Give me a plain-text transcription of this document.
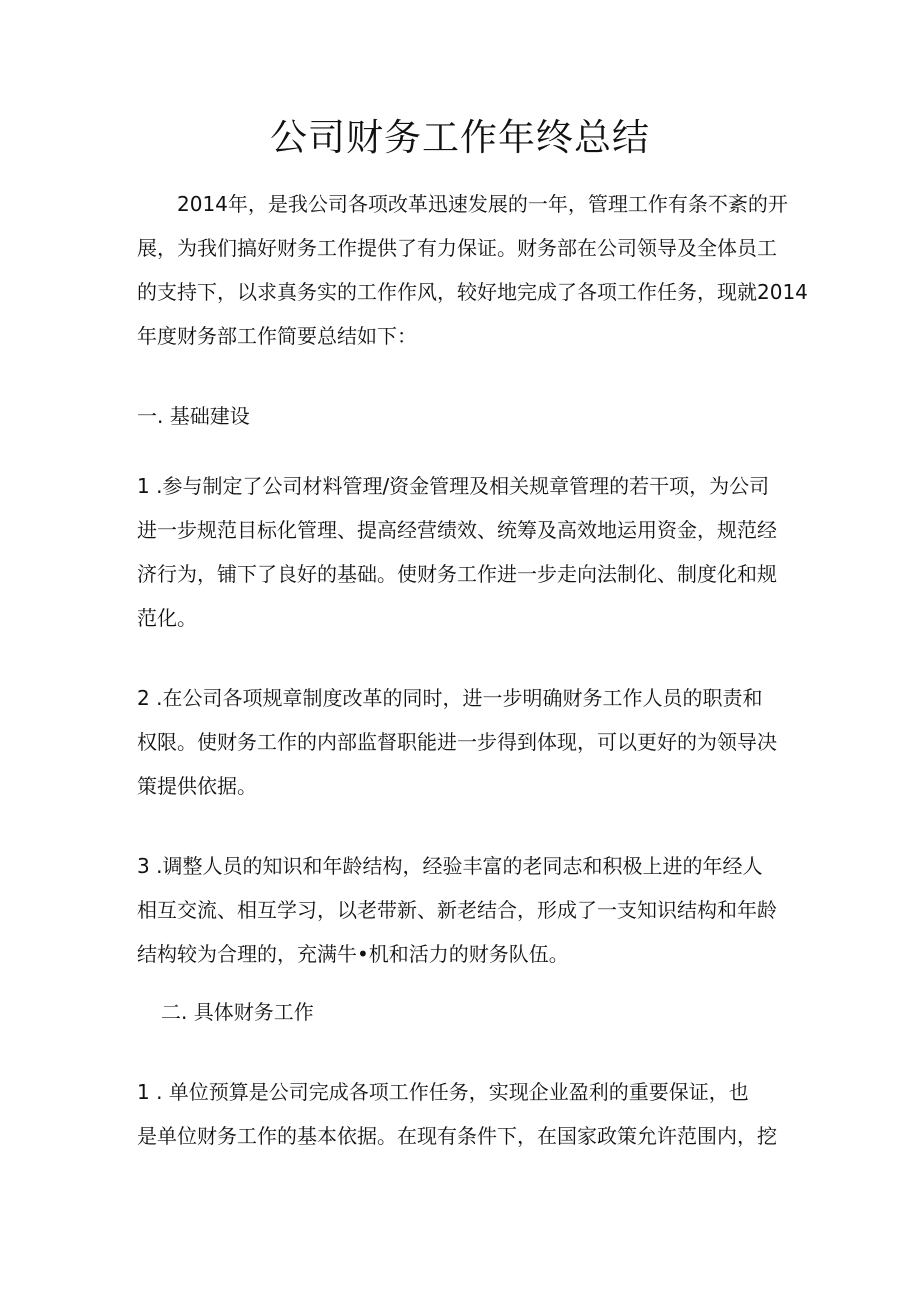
公司财务工作年终总结

2014年，是我公司各项改革迅速发展的一年，管理工作有条不紊的开

展，为我们搞好财务工作提供了有力保证。财务部在公司领导及全体员工

的支持下，以求真务实的工作作风，较好地完成了各项工作任务，现就2014

年度财务部工作简要总结如下：

一. 基础建设

1 .参与制定了公司材料管理/资金管理及相关规章管理的若干项，为公司

进一步规范目标化管理、提高经营绩效、统筹及高效地运用资金，规范经

济行为，铺下了良好的基础。使财务工作进一步走向法制化、制度化和规

范化。

2 .在公司各项规章制度改革的同时，进一步明确财务工作人员的职责和

权限。使财务工作的内部监督职能进一步得到体现，可以更好的为领导决

策提供依据。

3 .调整人员的知识和年龄结构，经验丰富的老同志和积极上进的年经人

相互交流、相互学习，以老带新、新老结合，形成了一支知识结构和年龄

结构较为合理的，充满牛•机和活力的财务队伍。

二. 具体财务工作

1 . 单位预算是公司完成各项工作任务，实现企业盈利的重要保证，也

是单位财务工作的基本依据。在现有条件下，在国家政策允许范围内，挖
